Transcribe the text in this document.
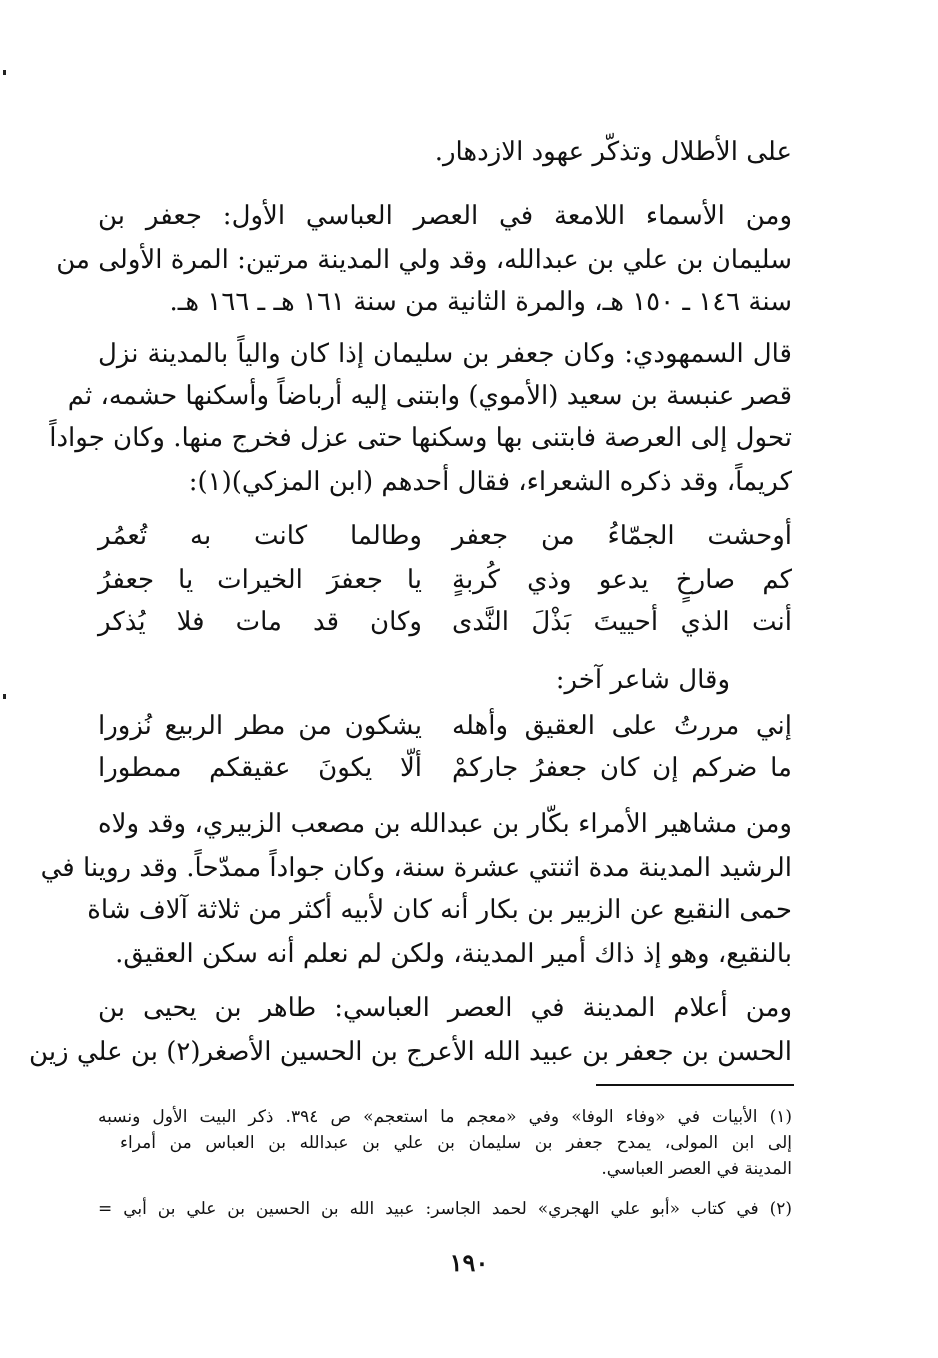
على الأطلال وتذكّر عهود الازدهار.
ومن الأسماء اللامعة في العصر العباسي الأول: جعفر بن
سليمان بن علي بن عبدالله، وقد ولي المدينة مرتين: المرة الأولى من
سنة ١٤٦ ـ ١٥٠ هـ، والمرة الثانية من سنة ١٦١ هـ ـ ١٦٦ هـ.
قال السمهودي: وكان جعفر بن سليمان إذا كان والياً بالمدينة نزل
قصر عنبسة بن سعيد (الأموي) وابتنى إليه أرباضاً وأسكنها حشمه، ثم
تحول إلى العرصة فابتنى بها وسكنها حتى عزل فخرج منها. وكان جواداً
كريماً، وقد ذكره الشعراء، فقال أحدهم (ابن المزكي)(١):
أوحشت الجمّاءُ من جعفر
وطالما كانت به تُعمُر
كم صارخٍ يدعو وذي كُربةٍ
يا جعفرَ الخيرات يا جعفرُ
أنت الذي أحييتَ بَذْلَ النَّدى
وكان قد مات فلا يُذكر
وقال شاعر آخر:
إني مررتُ على العقيق وأهله
يشكون من مطر الربيع نُزورا
ما ضركم إن كان جعفرُ جاركمْ
ألّا يكونَ عقيقكم ممطورا
ومن مشاهير الأمراء بكّار بن عبدالله بن مصعب الزبيري، وقد ولاه
الرشيد المدينة مدة اثنتي عشرة سنة، وكان جواداً ممدّحاً. وقد روينا في
حمى النقيع عن الزبير بن بكار أنه كان لأبيه أكثر من ثلاثة آلاف شاة
بالنقيع، وهو إذ ذاك أمير المدينة، ولكن لم نعلم أنه سكن العقيق.
ومن أعلام المدينة في العصر العباسي: طاهر بن يحيى بن
الحسن بن جعفر بن عبيد الله الأعرج بن الحسين الأصغر(٢) بن علي زين
(١) الأبيات في «وفاء الوفا» وفي «معجم ما استعجم» ص ٣٩٤. ذكر البيت الأول ونسبه
إلى ابن المولى، يمدح جعفر بن سليمان بن علي بن عبدالله بن العباس من أمراء
المدينة في العصر العباسي.
(٢) في كتاب «أبو علي الهجري» لحمد الجاسر: عبيد الله بن الحسين بن علي بن أبي =
١٩٠
